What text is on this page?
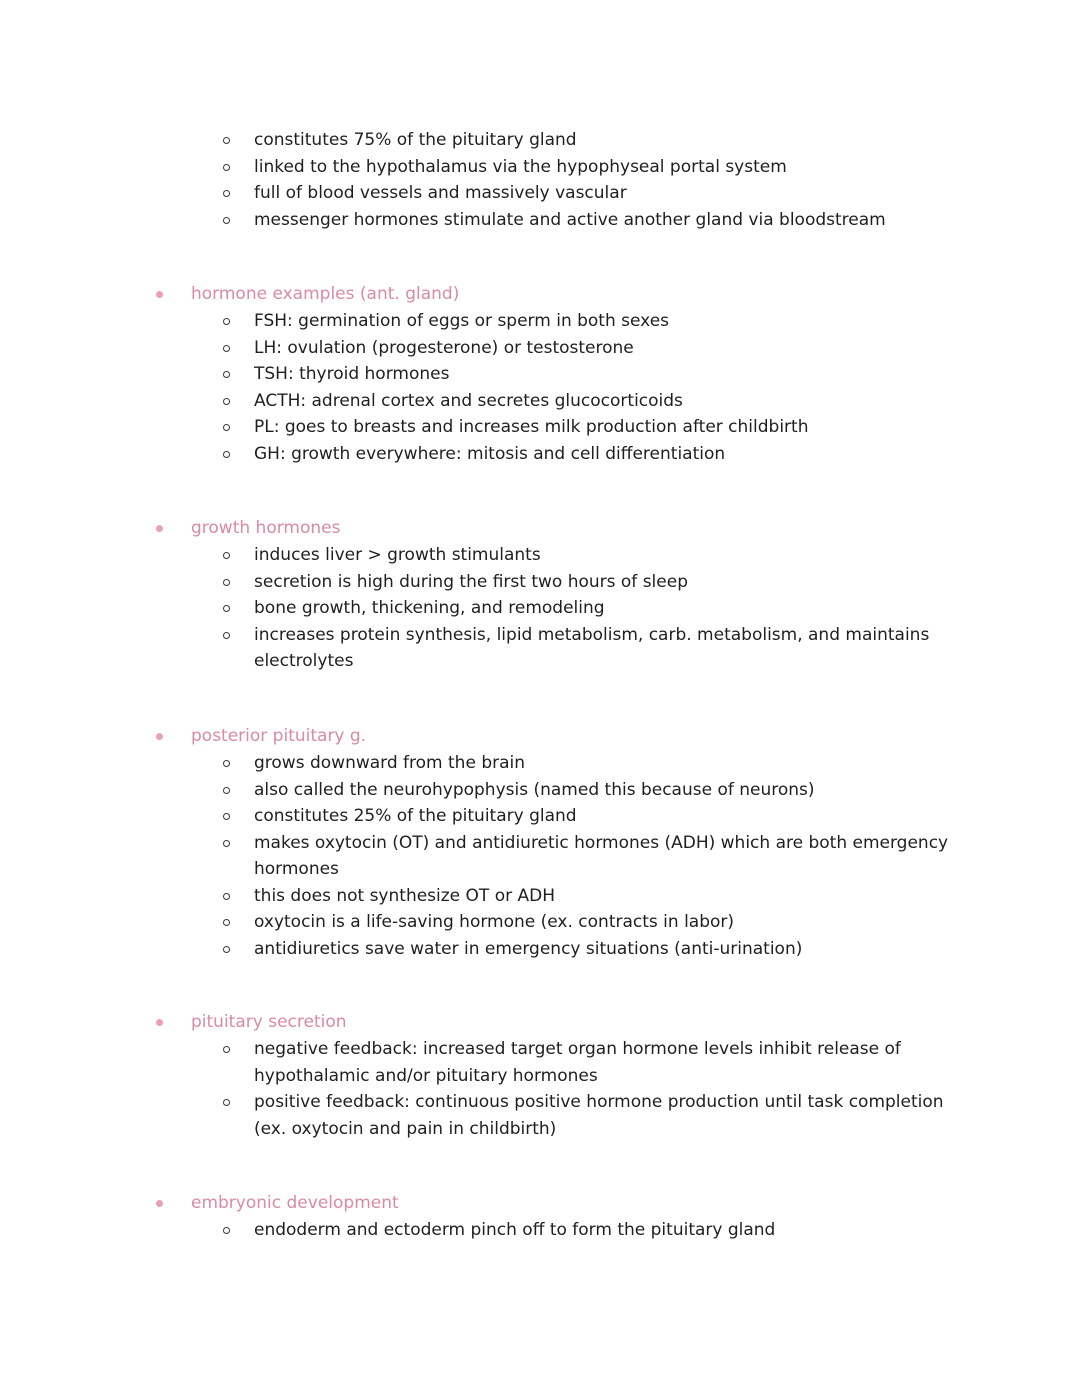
constitutes 75% of the pituitary gland
linked to the hypothalamus via the hypophyseal portal system
full of blood vessels and massively vascular
messenger hormones stimulate and active another gland via bloodstream
hormone examples (ant. gland)
FSH: germination of eggs or sperm in both sexes
LH: ovulation (progesterone) or testosterone
TSH: thyroid hormones
ACTH: adrenal cortex and secretes glucocorticoids
PL: goes to breasts and increases milk production after childbirth
GH: growth everywhere: mitosis and cell differentiation
growth hormones
induces liver > growth stimulants
secretion is high during the first two hours of sleep
bone growth, thickening, and remodeling
increases protein synthesis, lipid metabolism, carb. metabolism, and maintains electrolytes
posterior pituitary g.
grows downward from the brain
also called the neurohypophysis (named this because of neurons)
constitutes 25% of the pituitary gland
makes oxytocin (OT) and antidiuretic hormones (ADH) which are both emergency hormones
this does not synthesize OT or ADH
oxytocin is a life-saving hormone (ex. contracts in labor)
antidiuretics save water in emergency situations (anti-urination)
pituitary secretion
negative feedback: increased target organ hormone levels inhibit release of hypothalamic and/or pituitary hormones
positive feedback: continuous positive hormone production until task completion (ex. oxytocin and pain in childbirth)
embryonic development
endoderm and ectoderm pinch off to form the pituitary gland
